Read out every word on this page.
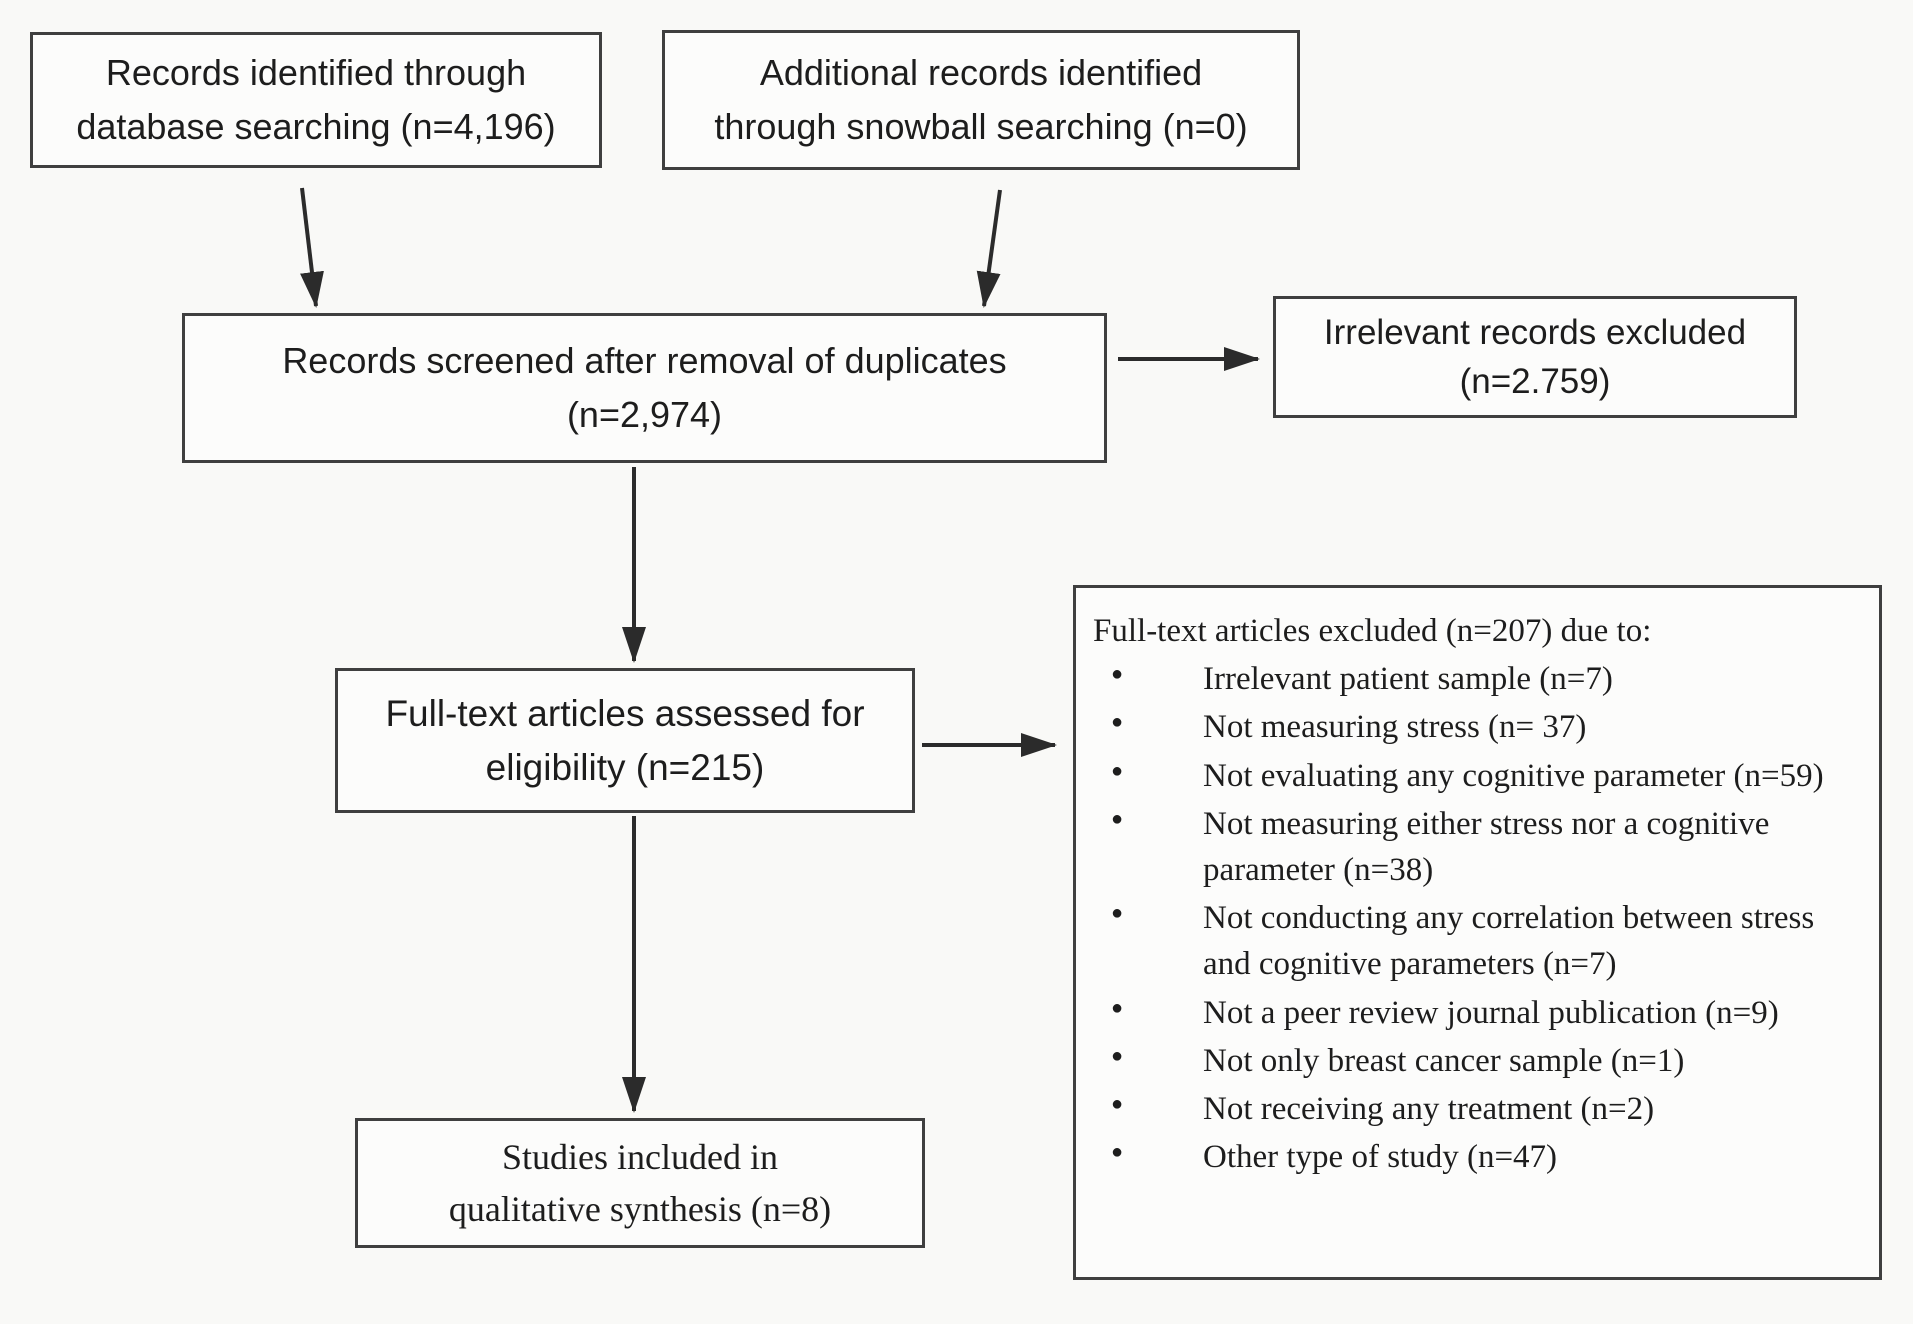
Records identified through
database searching (n=4,196)
Additional records identified
through snowball searching (n=0)
Records screened after removal of duplicates
(n=2,974)
Irrelevant records excluded
(n=2.759)
Full-text articles assessed for
eligibility (n=215)
Full-text articles excluded (n=207) due to:
● Irrelevant patient sample (n=7)
● Not measuring stress (n= 37)
● Not evaluating any cognitive parameter (n=59)
● Not measuring either stress nor a cognitive parameter (n=38)
● Not conducting any correlation between stress and cognitive parameters (n=7)
● Not a peer review journal publication (n=9)
● Not only breast cancer sample (n=1)
● Not receiving any treatment (n=2)
● Other type of study (n=47)
Studies included in
qualitative synthesis (n=8)
